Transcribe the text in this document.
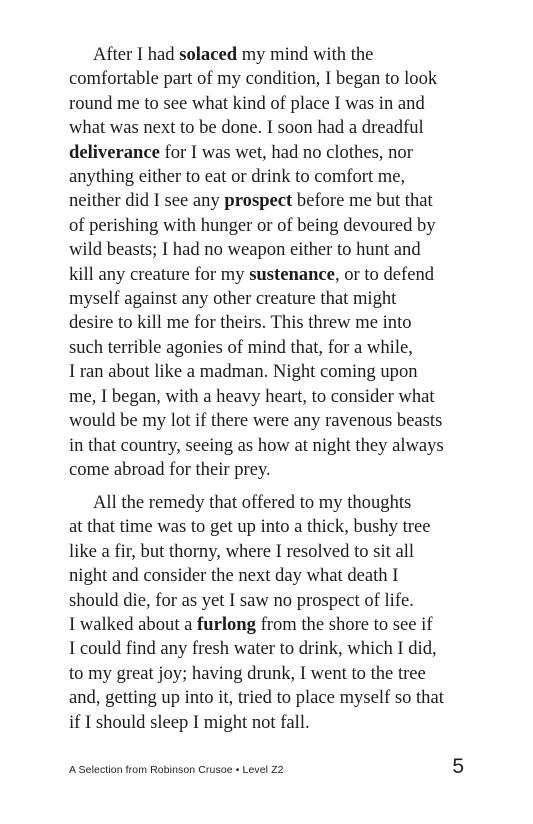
After I had solaced my mind with the
comfortable part of my condition, I began to look
round me to see what kind of place I was in and
what was next to be done. I soon had a dreadful
deliverance for I was wet, had no clothes, nor
anything either to eat or drink to comfort me,
neither did I see any prospect before me but that
of perishing with hunger or of being devoured by
wild beasts; I had no weapon either to hunt and
kill any creature for my sustenance, or to defend
myself against any other creature that might
desire to kill me for theirs. This threw me into
such terrible agonies of mind that, for a while,
I ran about like a madman. Night coming upon
me, I began, with a heavy heart, to consider what
would be my lot if there were any ravenous beasts
in that country, seeing as how at night they always
come abroad for their prey.

All the remedy that offered to my thoughts
at that time was to get up into a thick, bushy tree
like a fir, but thorny, where I resolved to sit all
night and consider the next day what death I
should die, for as yet I saw no prospect of life.
I walked about a furlong from the shore to see if
I could find any fresh water to drink, which I did,
to my great joy; having drunk, I went to the tree
and, getting up into it, tried to place myself so that
if I should sleep I might not fall.

A Selection from Robinson Crusoe • Level Z2	5
